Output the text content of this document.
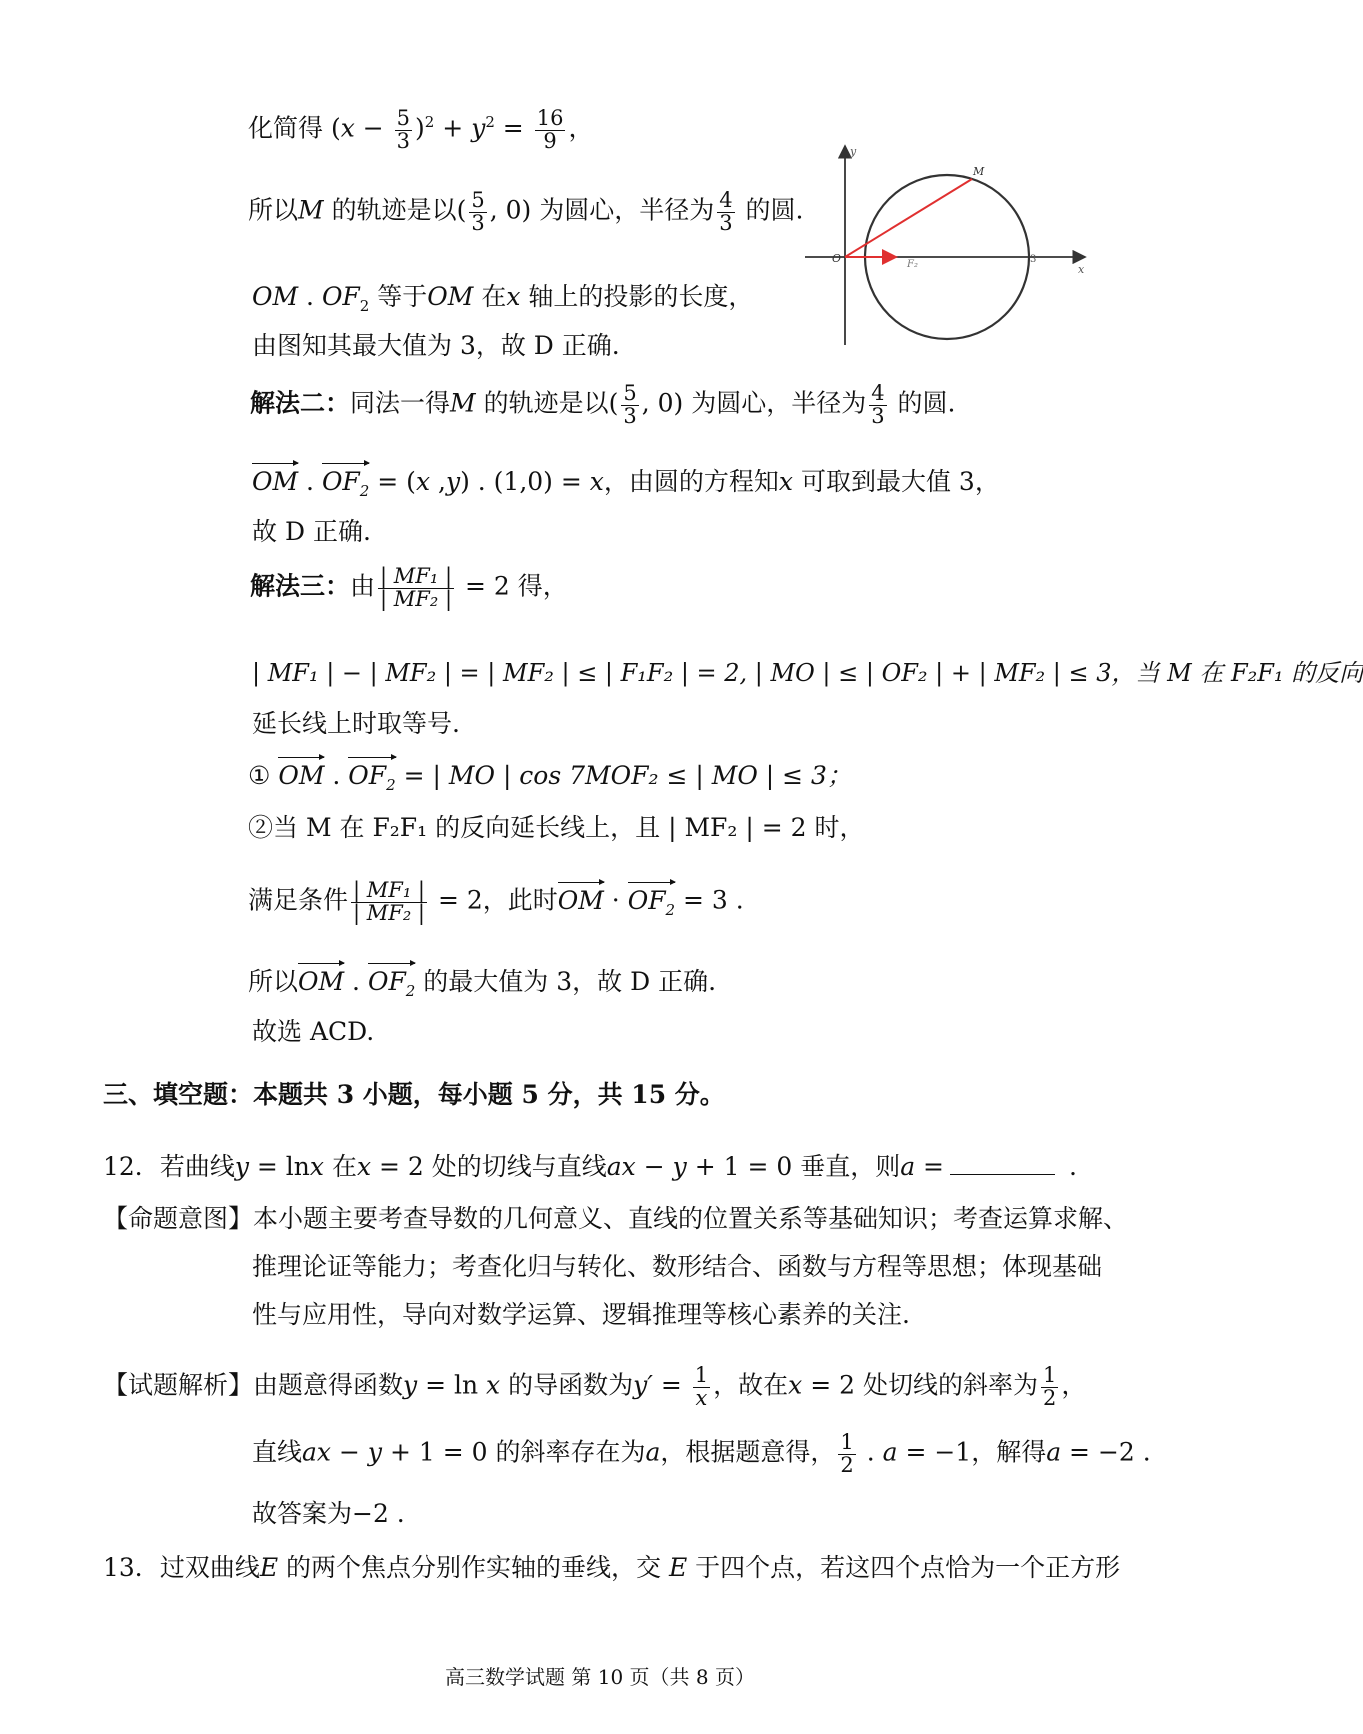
化简得 $(x - \frac{5}{3} )^2 + y^2 = \frac{16}{9}$ ，
所以M 的轨迹是以( $\frac{5}{3}$ , 0) 为圆心，半径为 $\frac{4}{3}$ 的圆.
OM . $OF_2$ 等于OM 在x 轴上的投影的长度，
由图知其最大值为 3，故 D 正确.
解法二：同法一得M 的轨迹是以( $\frac{5}{3}$ , 0) 为圆心，半径为 $\frac{4}{3}$ 的圆.
OM . $OF_2 = (x$ ,y) . (1,0) = x，由圆的方程知x 可取到最大值 3，
故 D 正确.
解法三：由 $\frac{\text{| MF₁ |}}{\text{| MF₂ |}} = 2$ 得，
| MF₁ | − | MF₂ | = | MF₂ | ≤ | F₁F₂ | = 2, | MO | ≤ | OF₂ | + | MF₂ | ≤ 3，当 M 在 F₂F₁ 的反向
延长线上时取等号.
① OM . $OF_2$ = | MO | cos 7MOF₂ ≤ | MO | ≤ 3；
②当 M 在 F₂F₁ 的反向延长线上，且 | MF₂ | = 2 时，
满足条件 $\frac{\text{| MF₁ |}}{\text{| MF₂ |}} = 2$，此时OM · $OF_2 = 3$ .
所以OM . $OF_2$ 的最大值为 3，故 D 正确.
故选 ACD.
三、填空题：本题共 3 小题，每小题 5 分，共 15 分。
12．若曲线y = lnx 在x = 2 处的切线与直线ax − y + 1 = 0 垂直，则a =	.
【命题意图】本小题主要考查导数的几何意义、直线的位置关系等基础知识；考查运算求解、
推理论证等能力；考查化归与转化、数形结合、函数与方程等思想；体现基础
性与应用性，导向对数学运算、逻辑推理等核心素养的关注.
【试题解析】由题意得函数y = ln x 的导函数为$y' = \frac{1}{x}$ ，故在x = 2 处切线的斜率为 $\frac{1}{2}$ ，
直线ax − y + 1 = 0 的斜率存在为a，根据题意得， $\frac{1}{2}$ . a = −1，解得a = −2 .
故答案为−2 .
13．过双曲线E 的两个焦点分别作实轴的垂线，交 E 于四个点，若这四个点恰为一个正方形
高三数学试题 第 10 页（共 8 页）
y
x
O
M
F₂	3
